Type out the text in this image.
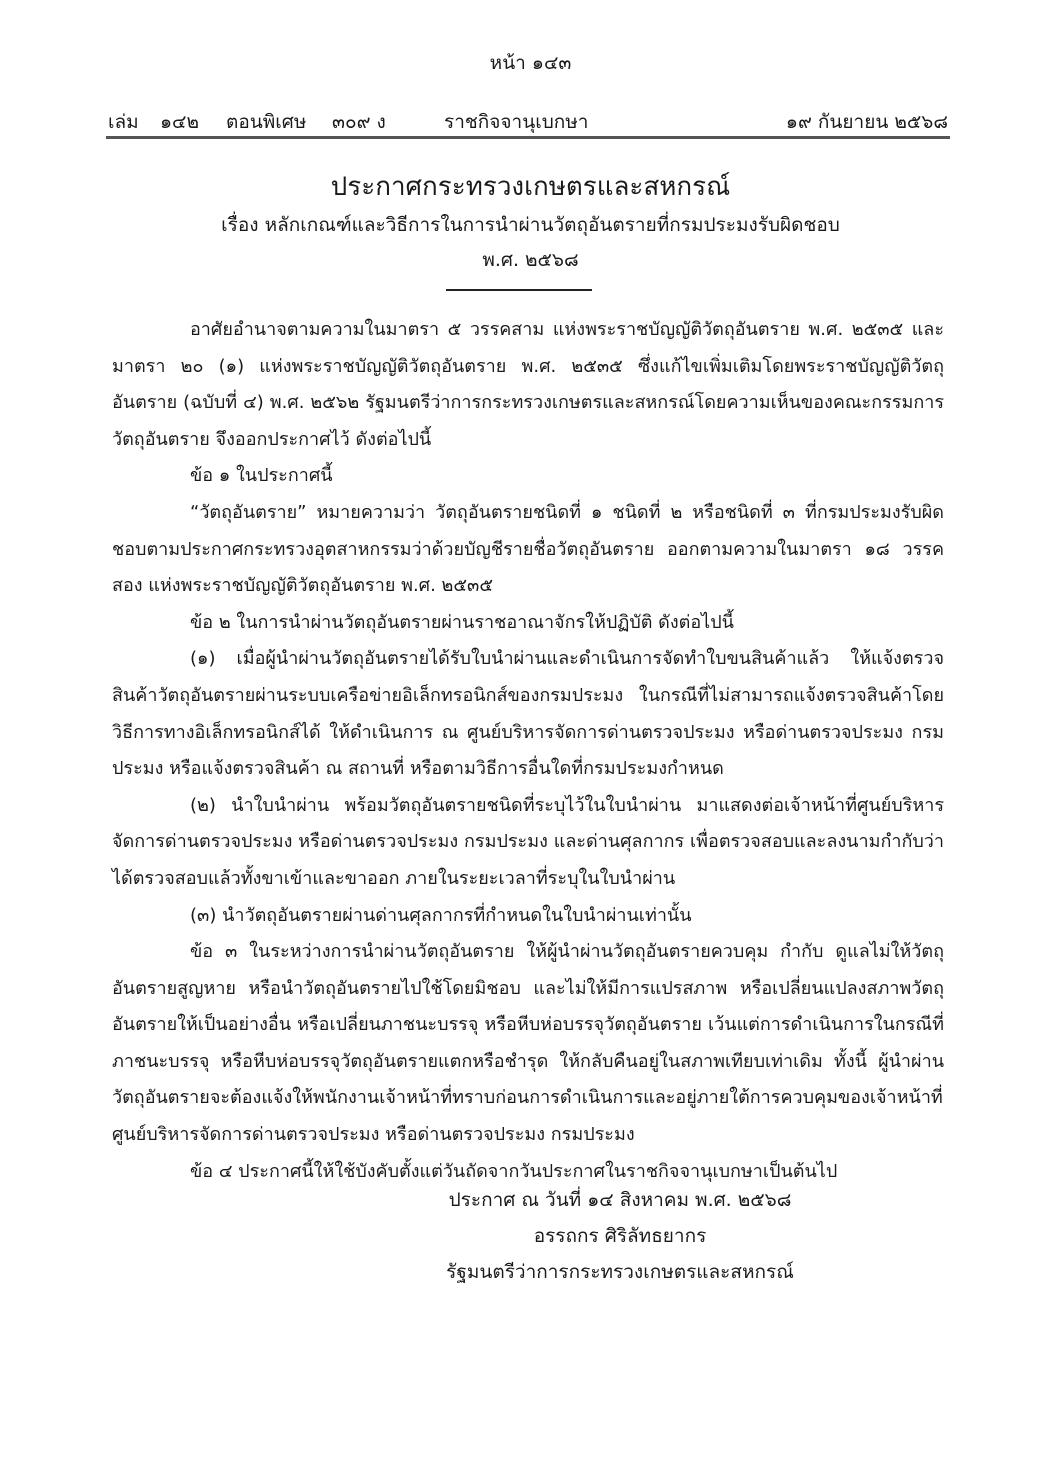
หน้า ๑๔๓
เล่ม ๑๔๒ ตอนพิเศษ ๓๐๙ ง	ราชกิจจานุเบกษา	๑๙ กันยายน ๒๕๖๘
ประกาศกระทรวงเกษตรและสหกรณ์
เรื่อง หลักเกณฑ์และวิธีการในการนำผ่านวัตถุอันตรายที่กรมประมงรับผิดชอบ
พ.ศ. ๒๕๖๘

อาศัยอำนาจตามความในมาตรา ๕ วรรคสาม แห่งพระราชบัญญัติวัตถุอันตราย พ.ศ. ๒๕๓๕ และมาตรา ๒๐ (๑) แห่งพระราชบัญญัติวัตถุอันตราย พ.ศ. ๒๕๓๕ ซึ่งแก้ไขเพิ่มเติมโดยพระราชบัญญัติวัตถุอันตราย (ฉบับที่ ๔) พ.ศ. ๒๕๖๒ รัฐมนตรีว่าการกระทรวงเกษตรและสหกรณ์โดยความเห็นของคณะกรรมการวัตถุอันตราย จึงออกประกาศไว้ ดังต่อไปนี้

ข้อ ๑ ในประกาศนี้

“วัตถุอันตราย” หมายความว่า วัตถุอันตรายชนิดที่ ๑ ชนิดที่ ๒ หรือชนิดที่ ๓ ที่กรมประมงรับผิดชอบตามประกาศกระทรวงอุตสาหกรรมว่าด้วยบัญชีรายชื่อวัตถุอันตราย ออกตามความในมาตรา ๑๘ วรรคสอง แห่งพระราชบัญญัติวัตถุอันตราย พ.ศ. ๒๕๓๕

ข้อ ๒ ในการนำผ่านวัตถุอันตรายผ่านราชอาณาจักรให้ปฏิบัติ ดังต่อไปนี้

(๑) เมื่อผู้นำผ่านวัตถุอันตรายได้รับใบนำผ่านและดำเนินการจัดทำใบขนสินค้าแล้ว ให้แจ้งตรวจสินค้าวัตถุอันตรายผ่านระบบเครือข่ายอิเล็กทรอนิกส์ของกรมประมง ในกรณีที่ไม่สามารถแจ้งตรวจสินค้าโดยวิธีการทางอิเล็กทรอนิกส์ได้ ให้ดำเนินการ ณ ศูนย์บริหารจัดการด่านตรวจประมง หรือด่านตรวจประมง กรมประมง หรือแจ้งตรวจสินค้า ณ สถานที่ หรือตามวิธีการอื่นใดที่กรมประมงกำหนด

(๒) นำใบนำผ่าน พร้อมวัตถุอันตรายชนิดที่ระบุไว้ในใบนำผ่าน มาแสดงต่อเจ้าหน้าที่ศูนย์บริหารจัดการด่านตรวจประมง หรือด่านตรวจประมง กรมประมง และด่านศุลกากร เพื่อตรวจสอบและลงนามกำกับว่าได้ตรวจสอบแล้วทั้งขาเข้าและขาออก ภายในระยะเวลาที่ระบุในใบนำผ่าน

(๓) นำวัตถุอันตรายผ่านด่านศุลกากรที่กำหนดในใบนำผ่านเท่านั้น

ข้อ ๓ ในระหว่างการนำผ่านวัตถุอันตราย ให้ผู้นำผ่านวัตถุอันตรายควบคุม กำกับ ดูแลไม่ให้วัตถุอันตรายสูญหาย หรือนำวัตถุอันตรายไปใช้โดยมิชอบ และไม่ให้มีการแปรสภาพ หรือเปลี่ยนแปลงสภาพวัตถุอันตรายให้เป็นอย่างอื่น หรือเปลี่ยนภาชนะบรรจุ หรือหีบห่อบรรจุวัตถุอันตราย เว้นแต่การดำเนินการในกรณีที่ภาชนะบรรจุ หรือหีบห่อบรรจุวัตถุอันตรายแตกหรือชำรุด ให้กลับคืนอยู่ในสภาพเทียบเท่าเดิม ทั้งนี้ ผู้นำผ่านวัตถุอันตรายจะต้องแจ้งให้พนักงานเจ้าหน้าที่ทราบก่อนการดำเนินการและอยู่ภายใต้การควบคุมของเจ้าหน้าที่ศูนย์บริหารจัดการด่านตรวจประมง หรือด่านตรวจประมง กรมประมง

ข้อ ๔ ประกาศนี้ให้ใช้บังคับตั้งแต่วันถัดจากวันประกาศในราชกิจจานุเบกษาเป็นต้นไป

ประกาศ ณ วันที่ ๑๔ สิงหาคม พ.ศ. ๒๕๖๘
อรรถกร ศิริลัทธยากร
รัฐมนตรีว่าการกระทรวงเกษตรและสหกรณ์
